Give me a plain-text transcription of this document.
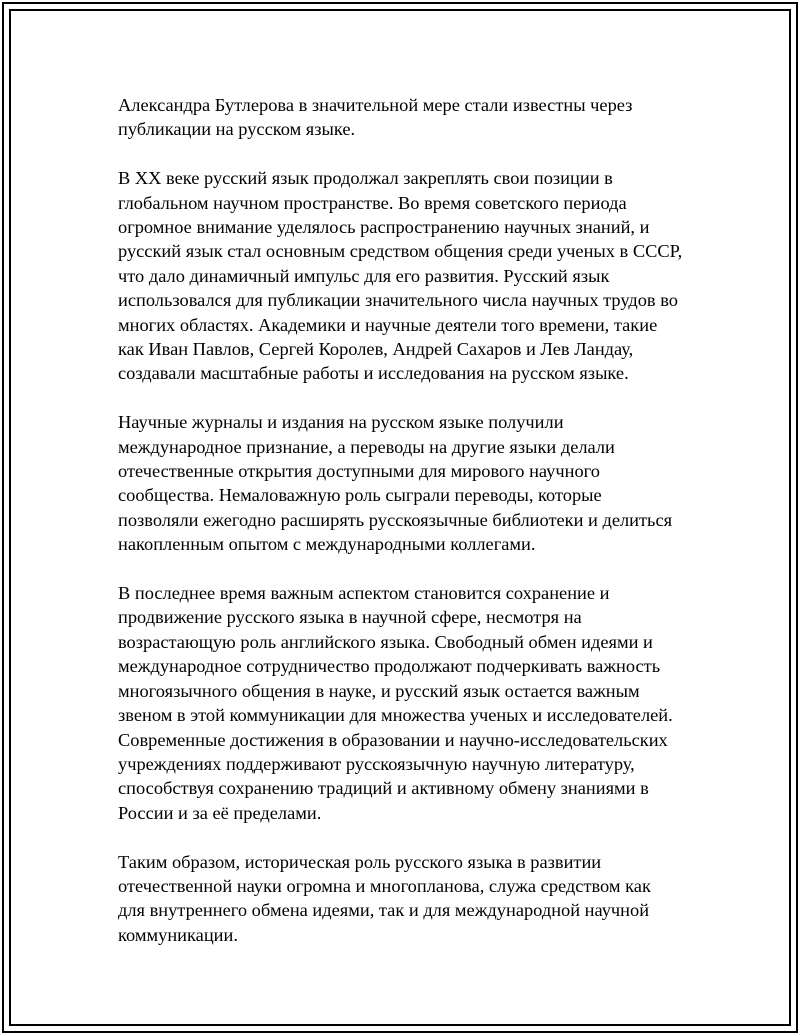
Александра Бутлерова в значительной мере стали известны через
публикации на русском языке.

В XX веке русский язык продолжал закреплять свои позиции в
глобальном научном пространстве. Во время советского периода
огромное внимание уделялось распространению научных знаний, и
русский язык стал основным средством общения среди ученых в СССР,
что дало динамичный импульс для его развития. Русский язык
использовался для публикации значительного числа научных трудов во
многих областях. Академики и научные деятели того времени, такие
как Иван Павлов, Сергей Королев, Андрей Сахаров и Лев Ландау,
создавали масштабные работы и исследования на русском языке.

Научные журналы и издания на русском языке получили
международное признание, а переводы на другие языки делали
отечественные открытия доступными для мирового научного
сообщества. Немаловажную роль сыграли переводы, которые
позволяли ежегодно расширять русскоязычные библиотеки и делиться
накопленным опытом с международными коллегами.

В последнее время важным аспектом становится сохранение и
продвижение русского языка в научной сфере, несмотря на
возрастающую роль английского языка. Свободный обмен идеями и
международное сотрудничество продолжают подчеркивать важность
многоязычного общения в науке, и русский язык остается важным
звеном в этой коммуникации для множества ученых и исследователей.
Современные достижения в образовании и научно-исследовательских
учреждениях поддерживают русскоязычную научную литературу,
способствуя сохранению традиций и активному обмену знаниями в
России и за её пределами.

Таким образом, историческая роль русского языка в развитии
отечественной науки огромна и многопланова, служа средством как
для внутреннего обмена идеями, так и для международной научной
коммуникации.
